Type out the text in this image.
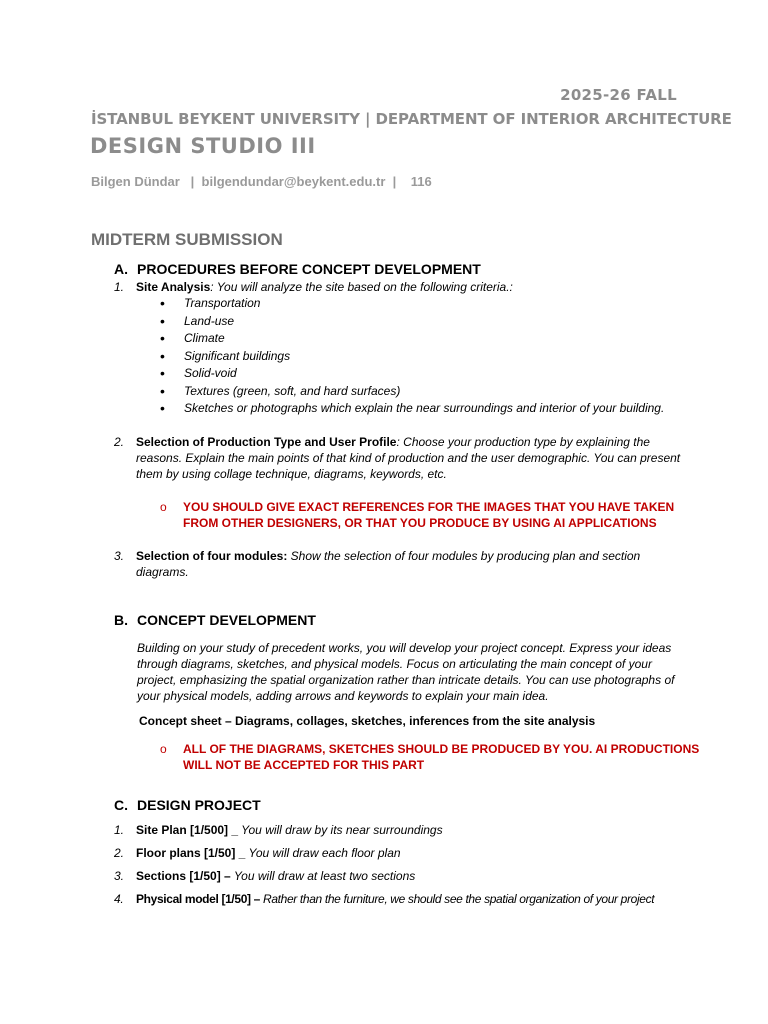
2025-26 FALL
İSTANBUL BEYKENT UNIVERSITY | DEPARTMENT OF INTERIOR ARCHITECTURE
DESIGN STUDIO III
Bilgen Dündar   |  bilgendundar@beykent.edu.tr  |    116
MIDTERM SUBMISSION
A. PROCEDURES BEFORE CONCEPT DEVELOPMENT
1. Site Analysis: You will analyze the site based on the following criteria.:
• Transportation
• Land-use
• Climate
• Significant buildings
• Solid-void
• Textures (green, soft, and hard surfaces)
• Sketches or photographs which explain the near surroundings and interior of your building.
2. Selection of Production Type and User Profile: Choose your production type by explaining the
reasons. Explain the main points of that kind of production and the user demographic. You can present
them by using collage technique, diagrams, keywords, etc.
o YOU SHOULD GIVE EXACT REFERENCES FOR THE IMAGES THAT YOU HAVE TAKEN FROM OTHER DESIGNERS, OR THAT YOU PRODUCE BY USING AI APPLICATIONS
3. Selection of four modules: Show the selection of four modules by producing plan and section
diagrams.
B. CONCEPT DEVELOPMENT
Building on your study of precedent works, you will develop your project concept. Express your ideas
through diagrams, sketches, and physical models. Focus on articulating the main concept of your
project, emphasizing the spatial organization rather than intricate details. You can use photographs of
your physical models, adding arrows and keywords to explain your main idea.
Concept sheet – Diagrams, collages, sketches, inferences from the site analysis
o ALL OF THE DIAGRAMS, SKETCHES SHOULD BE PRODUCED BY YOU. AI PRODUCTIONS WILL NOT BE ACCEPTED FOR THIS PART
C. DESIGN PROJECT
1. Site Plan [1/500] _ You will draw by its near surroundings
2. Floor plans [1/50] _ You will draw each floor plan
3. Sections [1/50] – You will draw at least two sections
4. Physical model [1/50] – Rather than the furniture, we should see the spatial organization of your project
